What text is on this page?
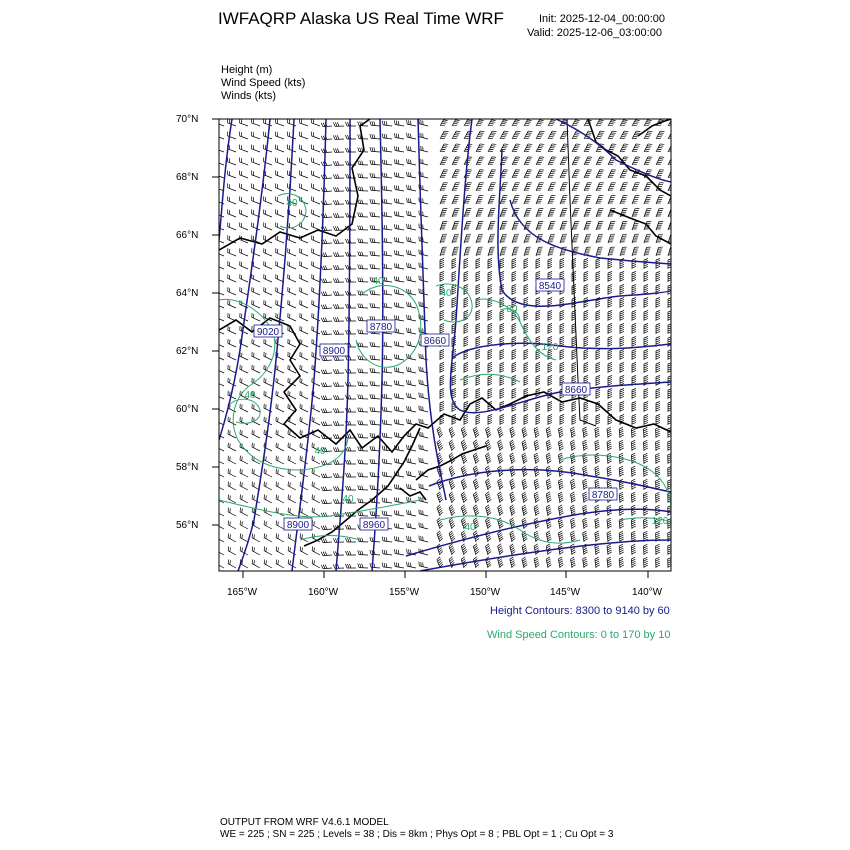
IWFAQRP Alaska US Real Time WRF	Init: 2025-12-04_00:00:00
Valid: 2025-12-06_03:00:00
Height (m)
Wind Speed (kts)
Winds (kts)
9020
8900
8780
8660
8540
8660
8780
8900	8960
40
40
40
40
40
40
80
120
120
40
70°N
68°N
66°N
64°N
62°N
60°N
58°N
56°N
165°W	160°W	155°W	150°W	145°W	140°W
Height Contours: 8300 to 9140 by 60
Wind Speed Contours: 0 to 170 by 10
OUTPUT FROM WRF V4.6.1 MODEL
WE = 225 ; SN = 225 ; Levels = 38 ; Dis = 8km ; Phys Opt = 8 ; PBL Opt = 1 ; Cu Opt = 3
